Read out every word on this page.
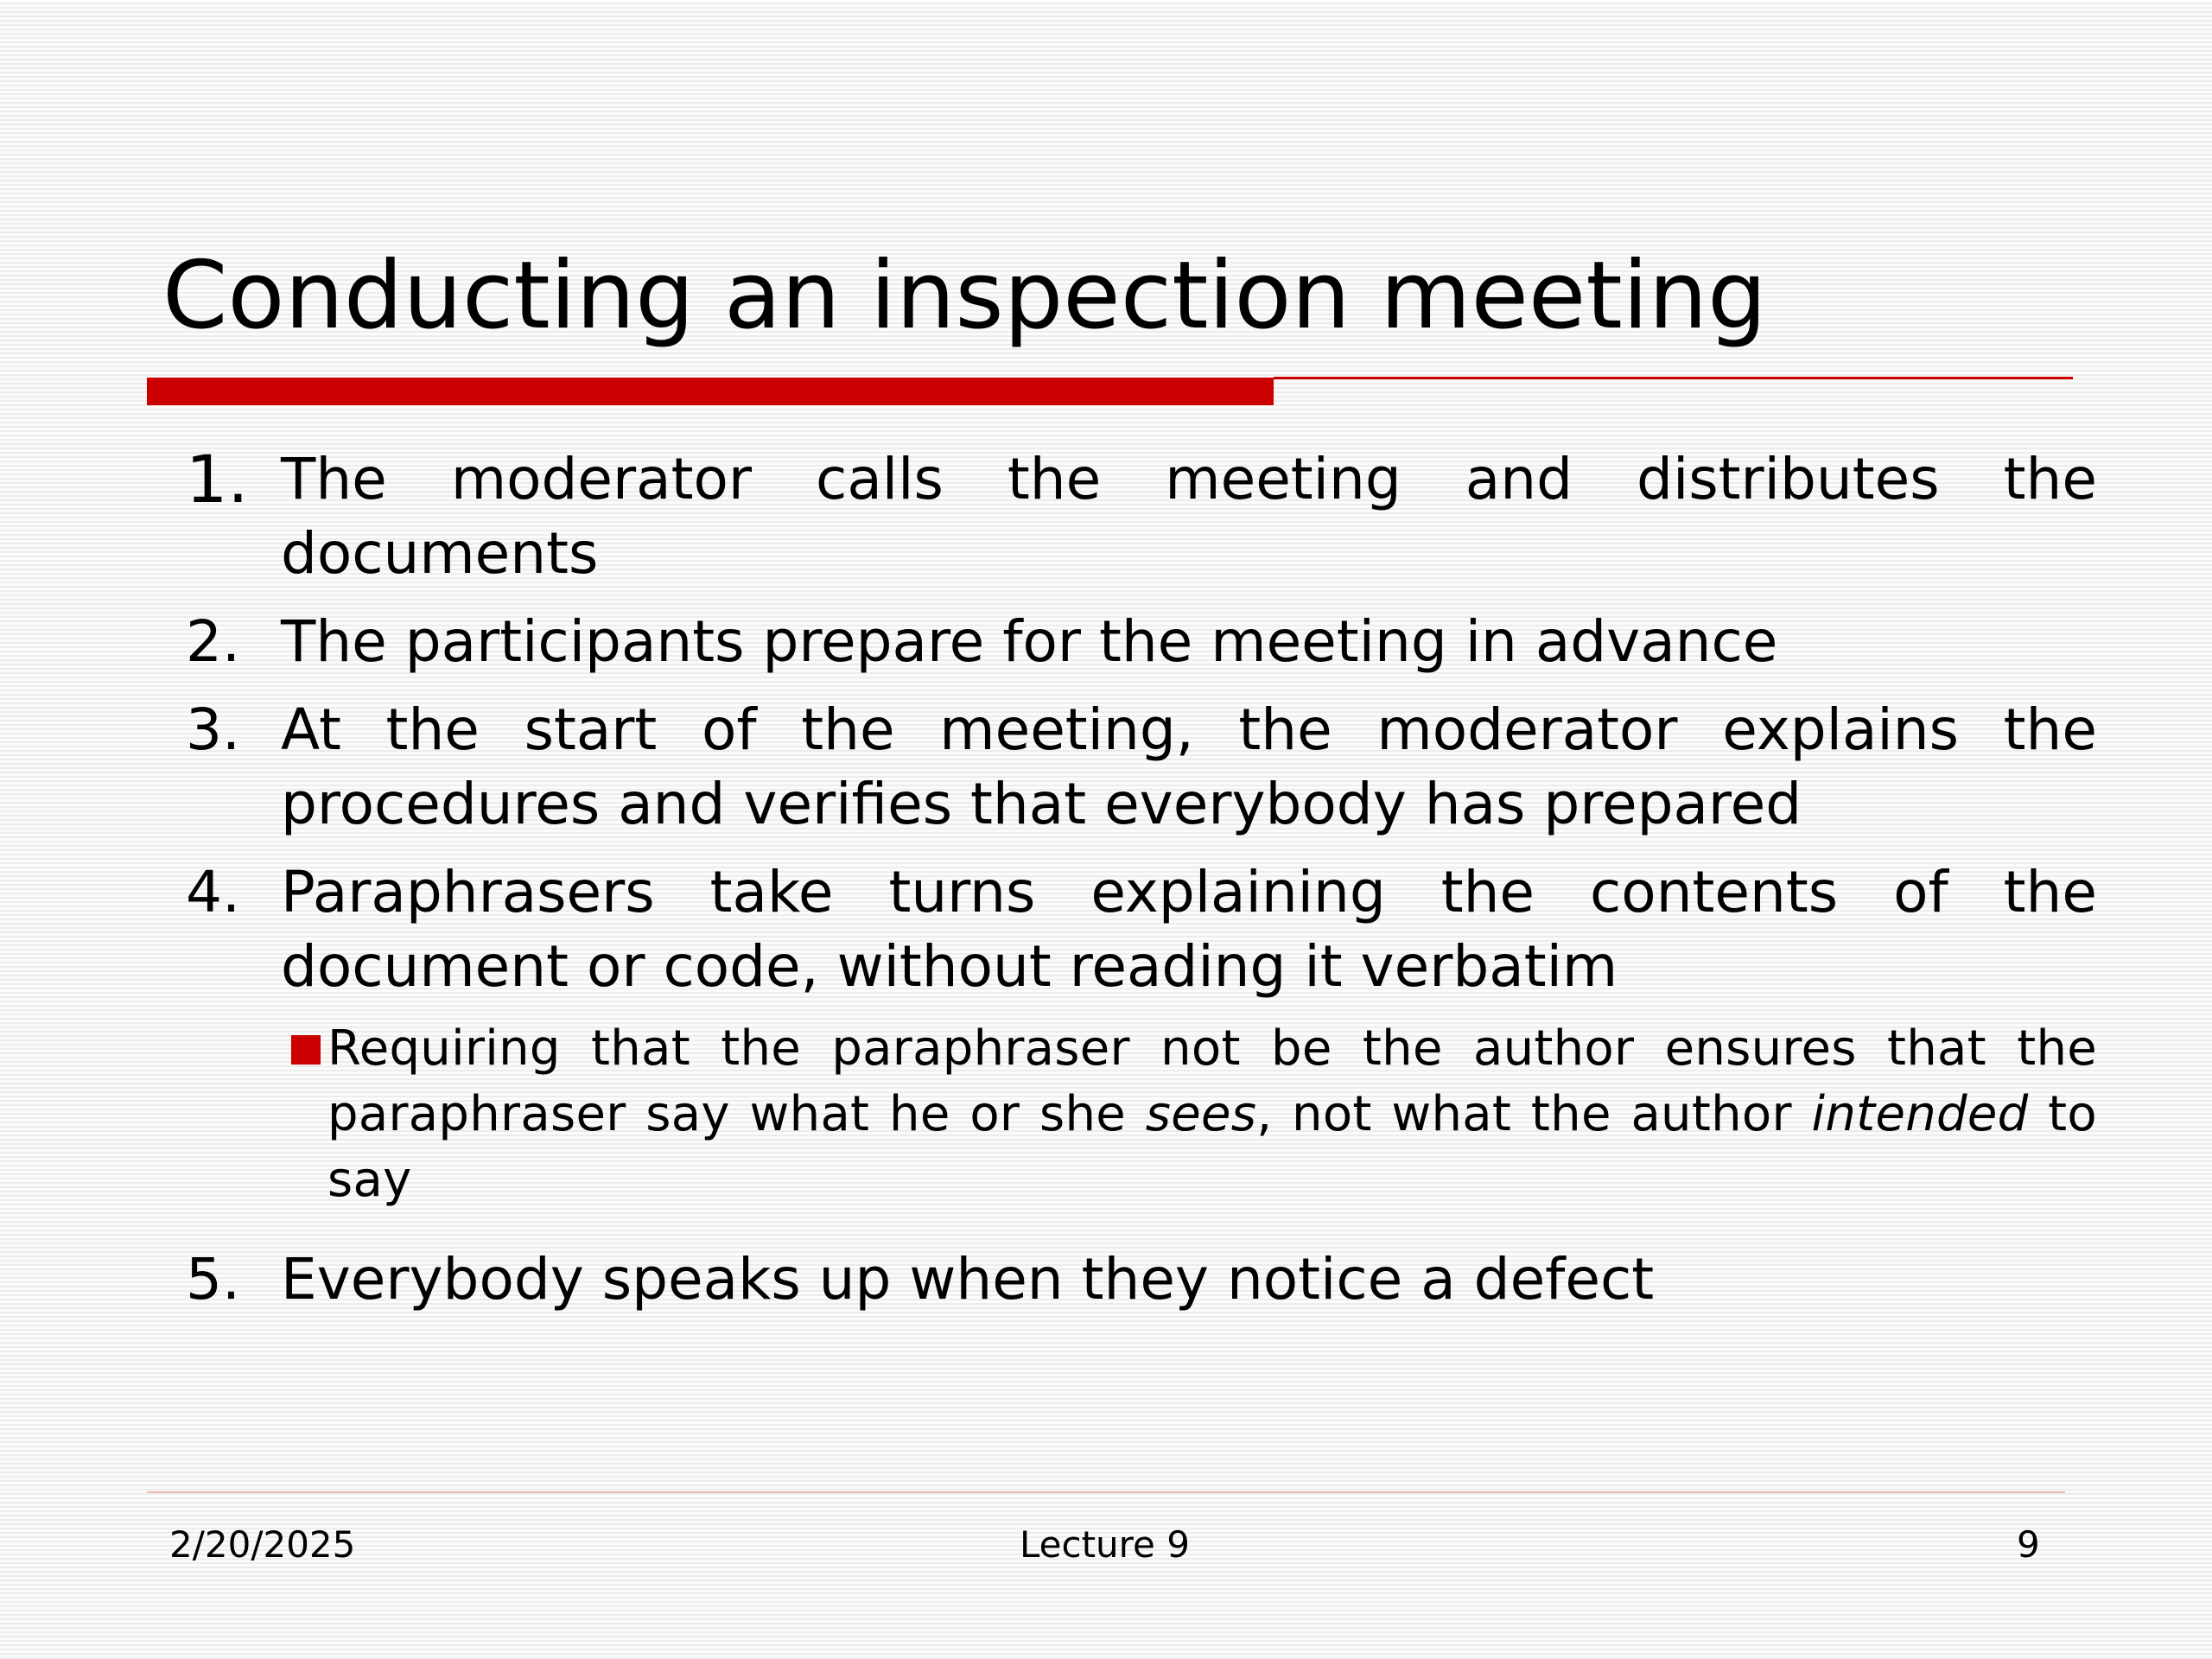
Conducting an inspection meeting
1. The moderator calls the meeting and distributes the documents
2. The participants prepare for the meeting in advance
3. At the start of the meeting, the moderator explains the procedures and verifies that everybody has prepared
4. Paraphrasers take turns explaining the contents of the document or code, without reading it verbatim
Requiring that the paraphraser not be the author ensures that the paraphraser say what he or she sees, not what the author intended to say
5. Everybody speaks up when they notice a defect
2/20/2025	Lecture 9	9
